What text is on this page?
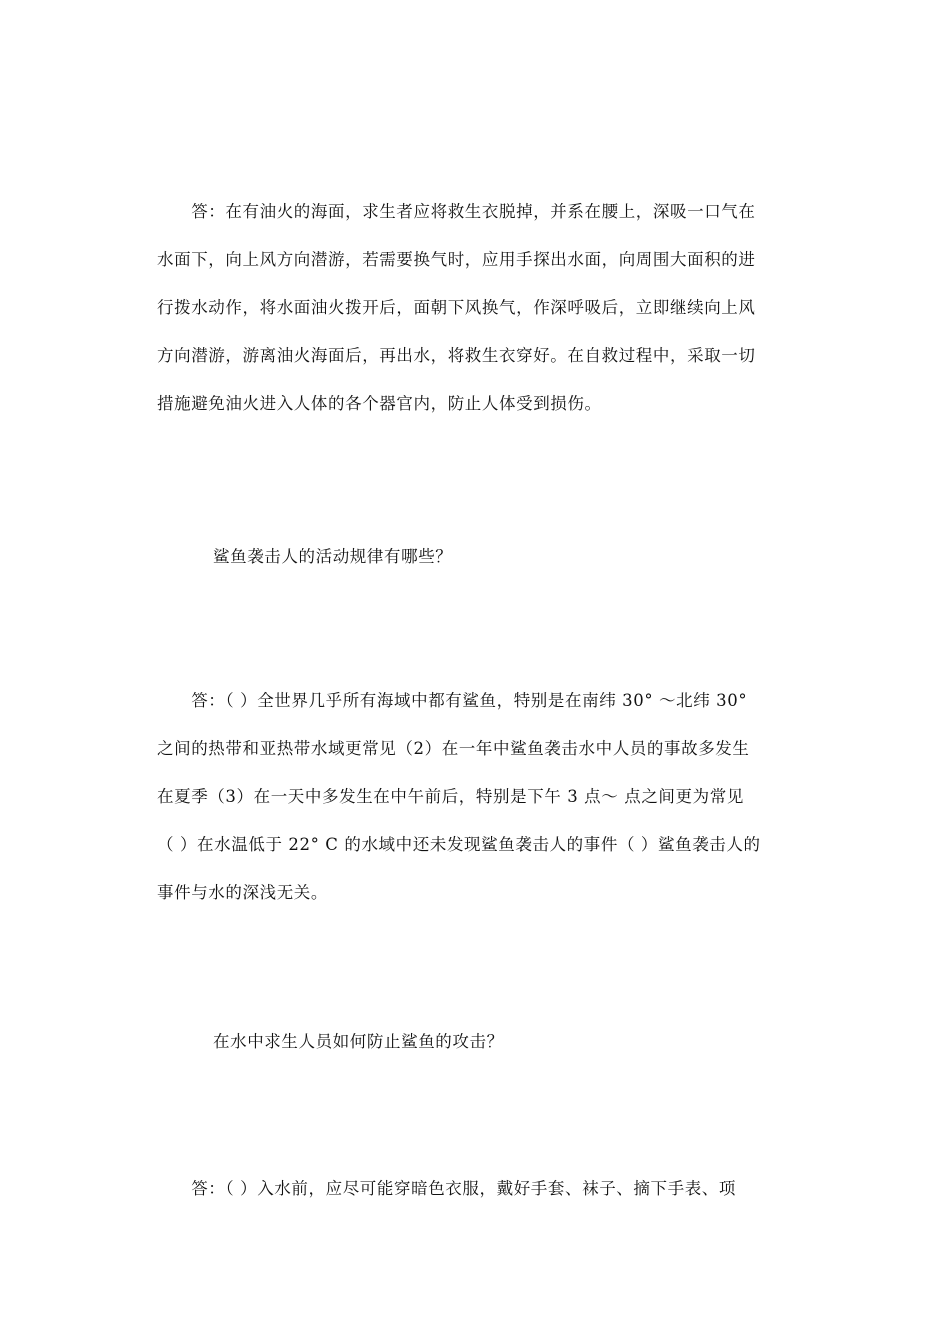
　　答：在有油火的海面，求生者应将救生衣脱掉，并系在腰上，深吸一口气在
水面下，向上风方向潜游，若需要换气时，应用手探出水面，向周围大面积的进
行拨水动作，将水面油火拨开后，面朝下风换气，作深呼吸后，立即继续向上风
方向潜游，游离油火海面后，再出水，将救生衣穿好。在自救过程中，采取一切
措施避免油火进入人体的各个器官内，防止人体受到损伤。
鲨鱼袭击人的活动规律有哪些？
　　答：（ ）全世界几乎所有海域中都有鲨鱼，特别是在南纬 30° ～北纬 30°
之间的热带和亚热带水域更常见（2）在一年中鲨鱼袭击水中人员的事故多发生
在夏季（3）在一天中多发生在中午前后，特别是下午 3 点～ 点之间更为常见
（ ）在水温低于 22° C 的水域中还未发现鲨鱼袭击人的事件（ ）鲨鱼袭击人的
事件与水的深浅无关。
在水中求生人员如何防止鲨鱼的攻击？
　　答：（ ）入水前，应尽可能穿暗色衣服，戴好手套、袜子、摘下手表、项
